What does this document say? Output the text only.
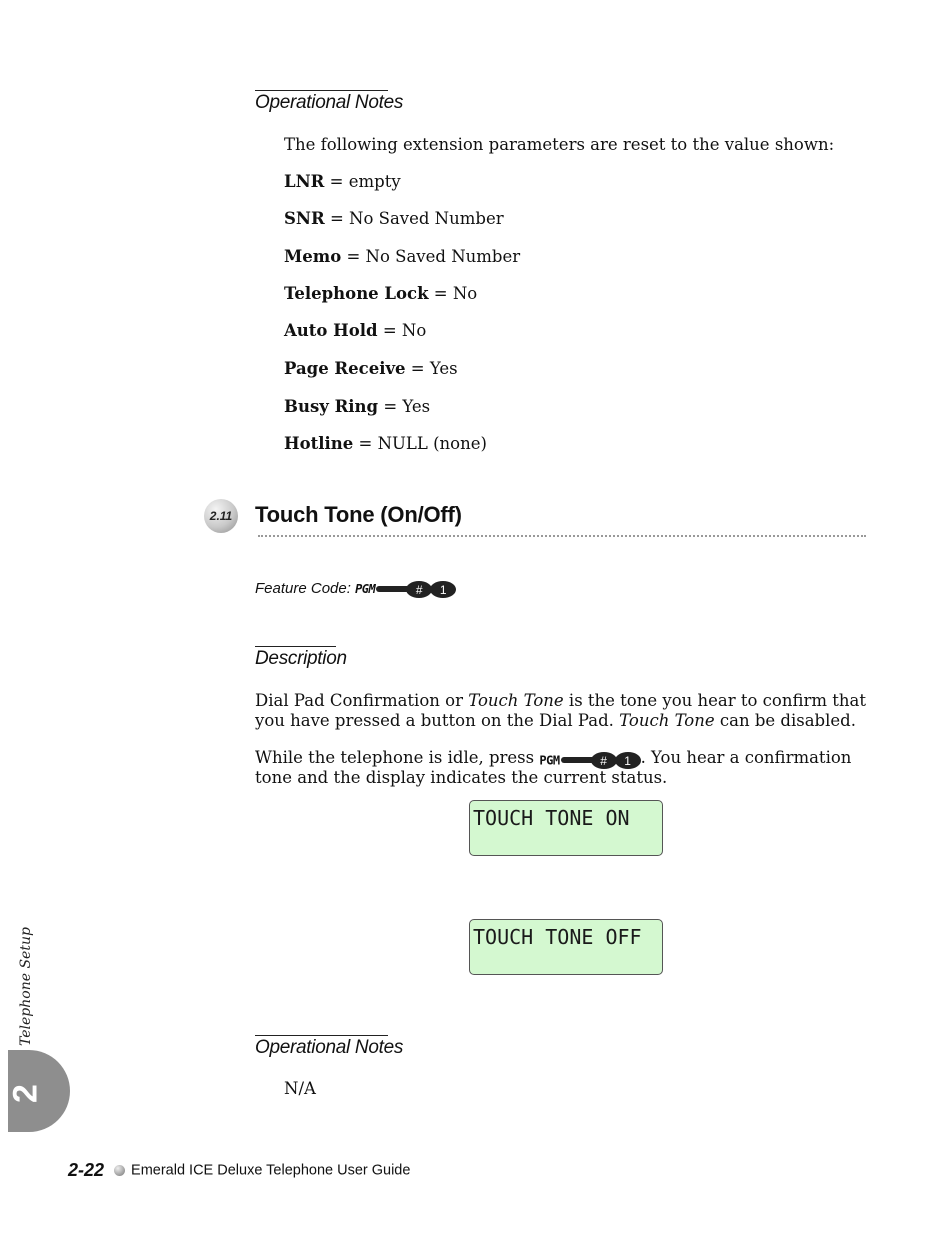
Operational Notes
The following extension parameters are reset to the value shown:
LNR = empty
SNR = No Saved Number
Memo = No Saved Number
Telephone Lock = No
Auto Hold = No
Page Receive = Yes
Busy Ring = Yes
Hotline = NULL (none)
2.11 Touch Tone (On/Off)
Feature Code: PGM	# 1
Description
Dial Pad Confirmation or Touch Tone is the tone you hear to confirm that you have pressed a button on the Dial Pad. Touch Tone can be disabled.
While the telephone is idle, press PGM	# 1 . You hear a confirmation tone and the display indicates the current status.
TOUCH TONE ON
TOUCH TONE OFF
Operational Notes
N/A
Telephone Setup
2
2-22 Emerald ICE Deluxe Telephone User Guide
